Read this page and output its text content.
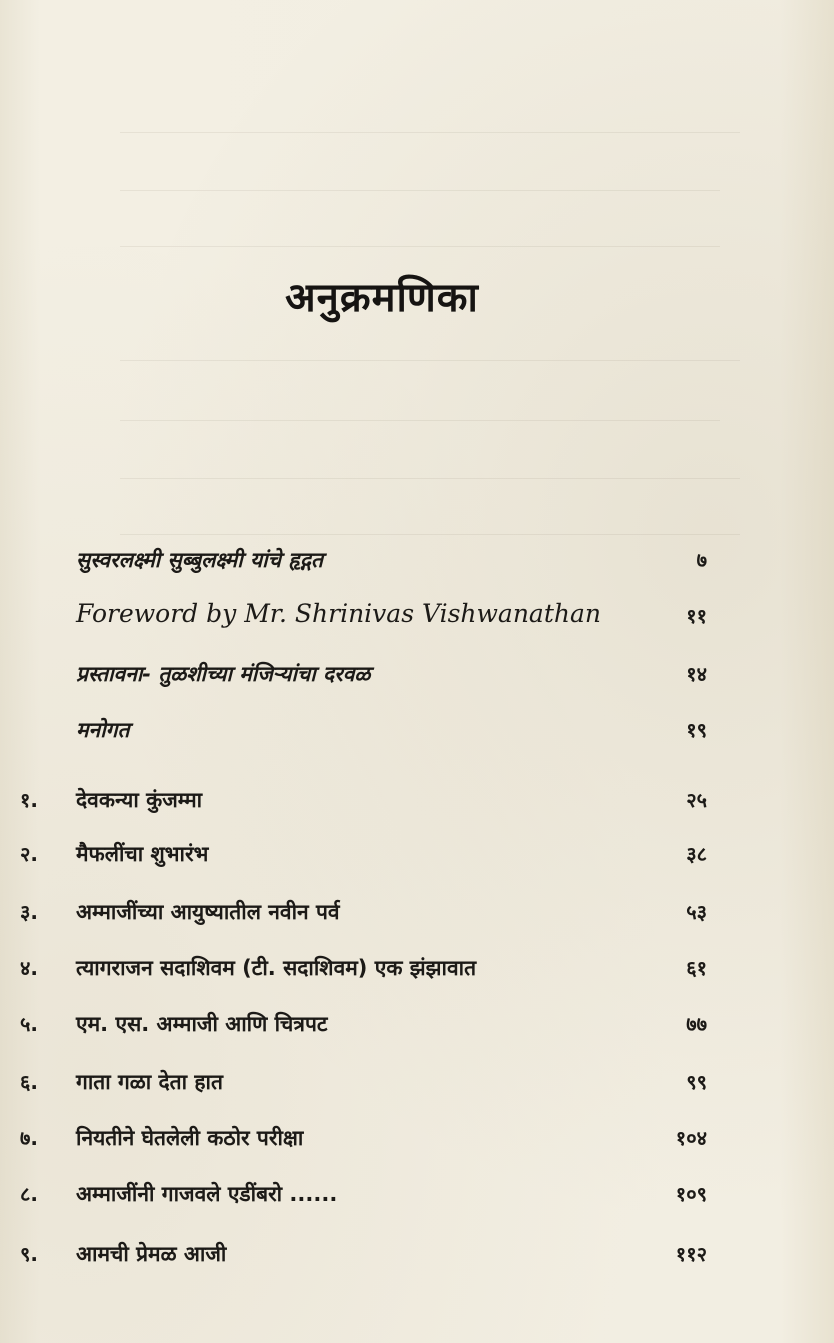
अनुक्रमणिका
सुस्वरलक्ष्मी सुब्बुलक्ष्मी यांचे हृद्गत	७
Foreword by Mr. Shrinivas Vishwanathan	११
प्रस्तावना- तुळशीच्या मंजिऱ्यांचा दरवळ	१४
मनोगत	१९
१. देवकन्या कुंजम्मा	२५
२. मैफलींचा शुभारंभ	३८
३. अम्माजींच्या आयुष्यातील नवीन पर्व	५३
४. त्यागराजन सदाशिवम (टी. सदाशिवम) एक झंझावात	६१
५. एम. एस. अम्माजी आणि चित्रपट	७७
६. गाता गळा देता हात	९९
७. नियतीने घेतलेली कठोर परीक्षा	१०४
८. अम्माजींनी गाजवले एडींबरो ......	१०९
९. आमची प्रेमळ आजी	११२
